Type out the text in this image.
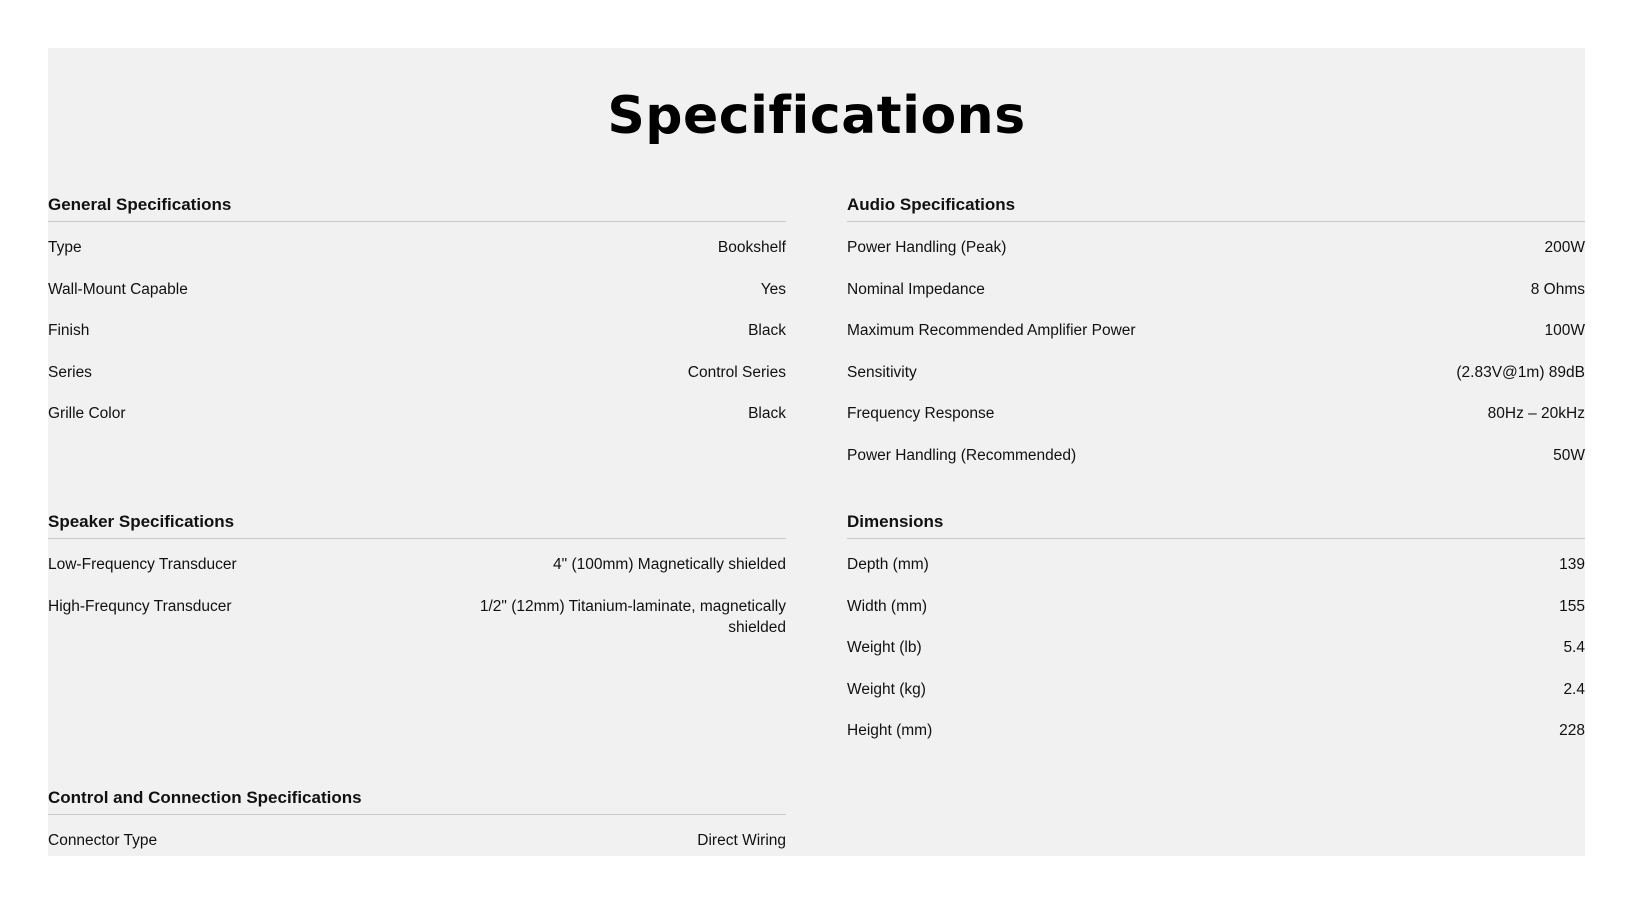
Specifications
General Specifications
Type	Bookshelf
Wall-Mount Capable	Yes
Finish	Black
Series	Control Series
Grille Color	Black
Speaker Specifications
Low-Frequency Transducer	4" (100mm) Magnetically shielded
High-Frequncy Transducer	1/2" (12mm) Titanium-laminate, magnetically shielded
Control and Connection Specifications
Connector Type	Direct Wiring
Audio Specifications
Power Handling (Peak)	200W
Nominal Impedance	8 Ohms
Maximum Recommended Amplifier Power	100W
Sensitivity	(2.83V@1m) 89dB
Frequency Response	80Hz – 20kHz
Power Handling (Recommended)	50W
Dimensions
Depth (mm)	139
Width (mm)	155
Weight (lb)	5.4
Weight (kg)	2.4
Height (mm)	228
